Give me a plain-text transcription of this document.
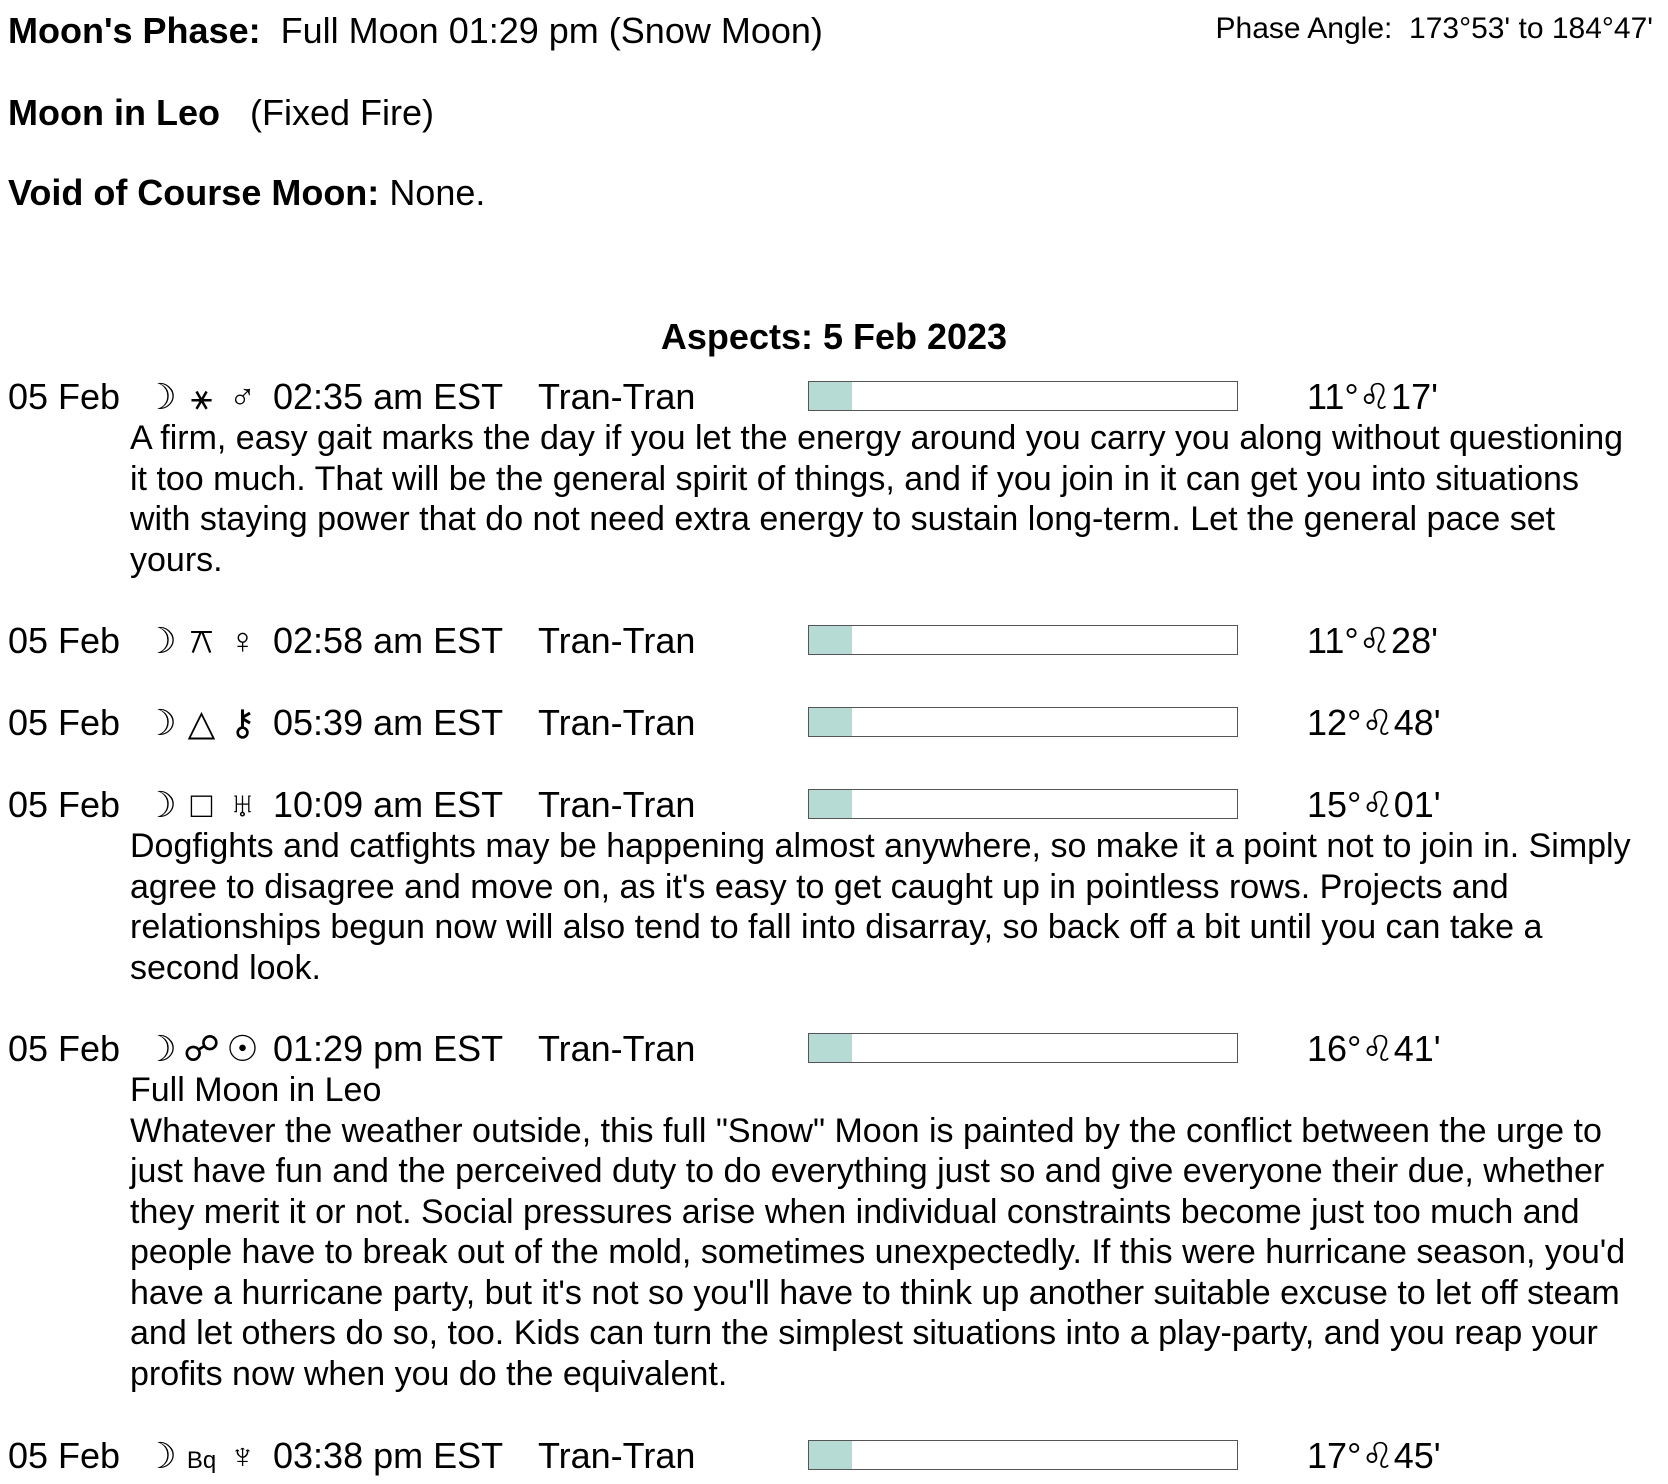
Moon's Phase: Full Moon 01:29 pm (Snow Moon)	Phase Angle: 173°53' to 184°47'
Moon in Leo (Fixed Fire)
Void of Course Moon: None.
Aspects: 5 Feb 2023
05 Feb ☽ ⚹ ♂ 02:35 am EST Tran-Tran	11°♌17'
A firm, easy gait marks the day if you let the energy around you carry you along without questioning it too much. That will be the general spirit of things, and if you join in it can get you into situations with staying power that do not need extra energy to sustain long-term. Let the general pace set yours.
05 Feb ☽ ⚻ ♀ 02:58 am EST Tran-Tran	11°♌28'
05 Feb ☽ △ ⚷ 05:39 am EST Tran-Tran	12°♌48'
05 Feb ☽ □ ♅ 10:09 am EST Tran-Tran	15°♌01'
Dogfights and catfights may be happening almost anywhere, so make it a point not to join in. Simply agree to disagree and move on, as it's easy to get caught up in pointless rows. Projects and relationships begun now will also tend to fall into disarray, so back off a bit until you can take a second look.
05 Feb ☽ ☍ ☉ 01:29 pm EST Tran-Tran	16°♌41'
Full Moon in Leo
Whatever the weather outside, this full "Snow" Moon is painted by the conflict between the urge to just have fun and the perceived duty to do everything just so and give everyone their due, whether they merit it or not. Social pressures arise when individual constraints become just too much and people have to break out of the mold, sometimes unexpectedly. If this were hurricane season, you'd have a hurricane party, but it's not so you'll have to think up another suitable excuse to let off steam and let others do so, too. Kids can turn the simplest situations into a play-party, and you reap your profits now when you do the equivalent.
05 Feb ☽ Bq ♆ 03:38 pm EST Tran-Tran	17°♌45'
